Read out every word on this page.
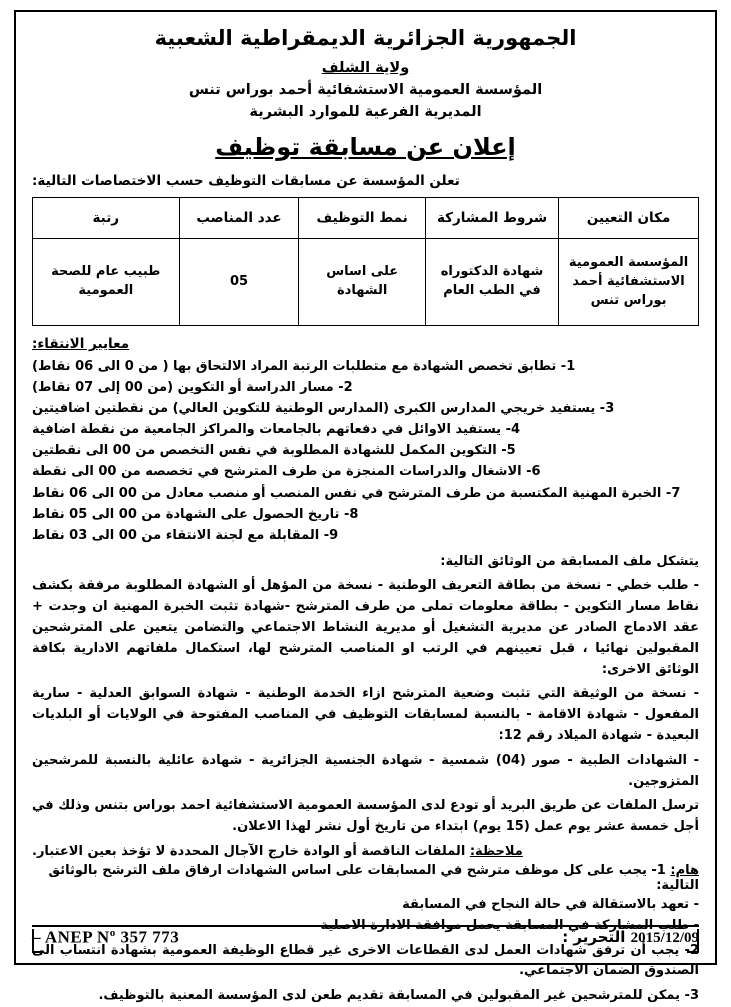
الجمهورية الجزائرية الديمقراطية الشعبية
ولاية الشلف
المؤسسة العمومية الاستشفائية أحمد بوراس تنس
المديرية الفرعية للموارد البشرية
إعلان عن مسابقة توظيف
تعلن المؤسسة عن مسابقات التوظيف حسب الاختصاصات التالية:
مكان التعيين	شروط المشاركة	نمط التوظيف	عدد المناصب	رتبة
المؤسسة العمومية الاستشفائية أحمد بوراس تنس	شهادة الدكتوراه في الطب العام	على اساس الشهادة	05	طبيب عام للصحة العمومية
معايير الانتقاء:
1- تطابق تخصص الشهادة مع متطلبات الرتبة المراد الالتحاق بها ( من 0 الى 06 نقاط)
2- مسار الدراسة أو التكوين (من 00 إلى 07 نقاط)
3- يستفيد خريجي المدارس الكبرى (المدارس الوطنية للتكوين العالي) من نقطتين اضافيتين
4- يستفيد الاوائل في دفعاتهم بالجامعات والمراكز الجامعية من نقطة اضافية
5- التكوين المكمل للشهادة المطلوبة في نفس التخصص من 00 الى نقطتين
6- الاشغال والدراسات المنجزة من طرف المترشح في تخصصه من 00 الى نقطة
7- الخبرة المهنية المكتسبة من طرف المترشح في نفس المنصب أو منصب معادل من 00 الى 06 نقاط
8- تاريخ الحصول على الشهادة من 00 الى 05 نقاط
9- المقابلة مع لجنة الانتقاء من 00 الى 03 نقاط
يتشكل ملف المسابقة من الوثائق التالية:
- طلب خطي - نسخة من بطاقة التعريف الوطنية - نسخة من المؤهل أو الشهادة المطلوبة مرفقة بكشف نقاط مسار التكوين - بطاقة معلومات تملى من طرف المترشح -شهادة تثبت الخبرة المهنية ان وجدت + عقد الادماج الصادر عن مديرية التشغيل أو مديرية النشاط الاجتماعي والتضامن يتعين على المترشحين المقبولين نهائيا ، قبل تعيينهم في الرتب او المناصب المترشح لها، استكمال ملفاتهم الادارية بكافة الوثائق الاخرى:
- نسخة من الوثيقة التي تثبت وضعية المترشح ازاء الخدمة الوطنية - شهادة السوابق العدلية - سارية المفعول - شهادة الاقامة - بالنسبة لمسابقات التوظيف في المناصب المفتوحة في الولايات أو البلديات البعيدة - شهادة الميلاد رقم 12:
- الشهادات الطبية - صور (04) شمسية - شهادة الجنسية الجزائرية - شهادة عائلية بالنسبة للمرشحين المتزوجين.
ترسل الملفات عن طريق البريد أو تودع لدى المؤسسة العمومية الاستشفائية احمد بوراس بتنس وذلك في أجل خمسة عشر يوم عمل (15 يوم) ابتداء من تاريخ أول نشر لهذا الاعلان.
ملاحظة: الملفات الناقصة أو الوادة خارج الآجال المحددة لا تؤخذ بعين الاعتبار.
هام: 1- يجب على كل موظف مترشح في المسابقات على اساس الشهادات ارفاق ملف الترشح بالوثائق التالية:
- تعهد بالاستقالة في حالة النجاح في المسابقة
- طلب المشاركة في المسابقة يحمل موافقة الادارة الاصلية
2- يجب أن ترفق شهادات العمل لدى القطاعات الاخرى غير قطاع الوظيفة العمومية بشهادة انتساب الى الصندوق الضمان الاجتماعي.
3- يمكن للمترشحين غير المقبولين في المسابقة تقديم طعن لدى المؤسسة المعنية بالتوظيف.
2015/12/09 التحرير :
– ANEP $N^o$ 357 773
